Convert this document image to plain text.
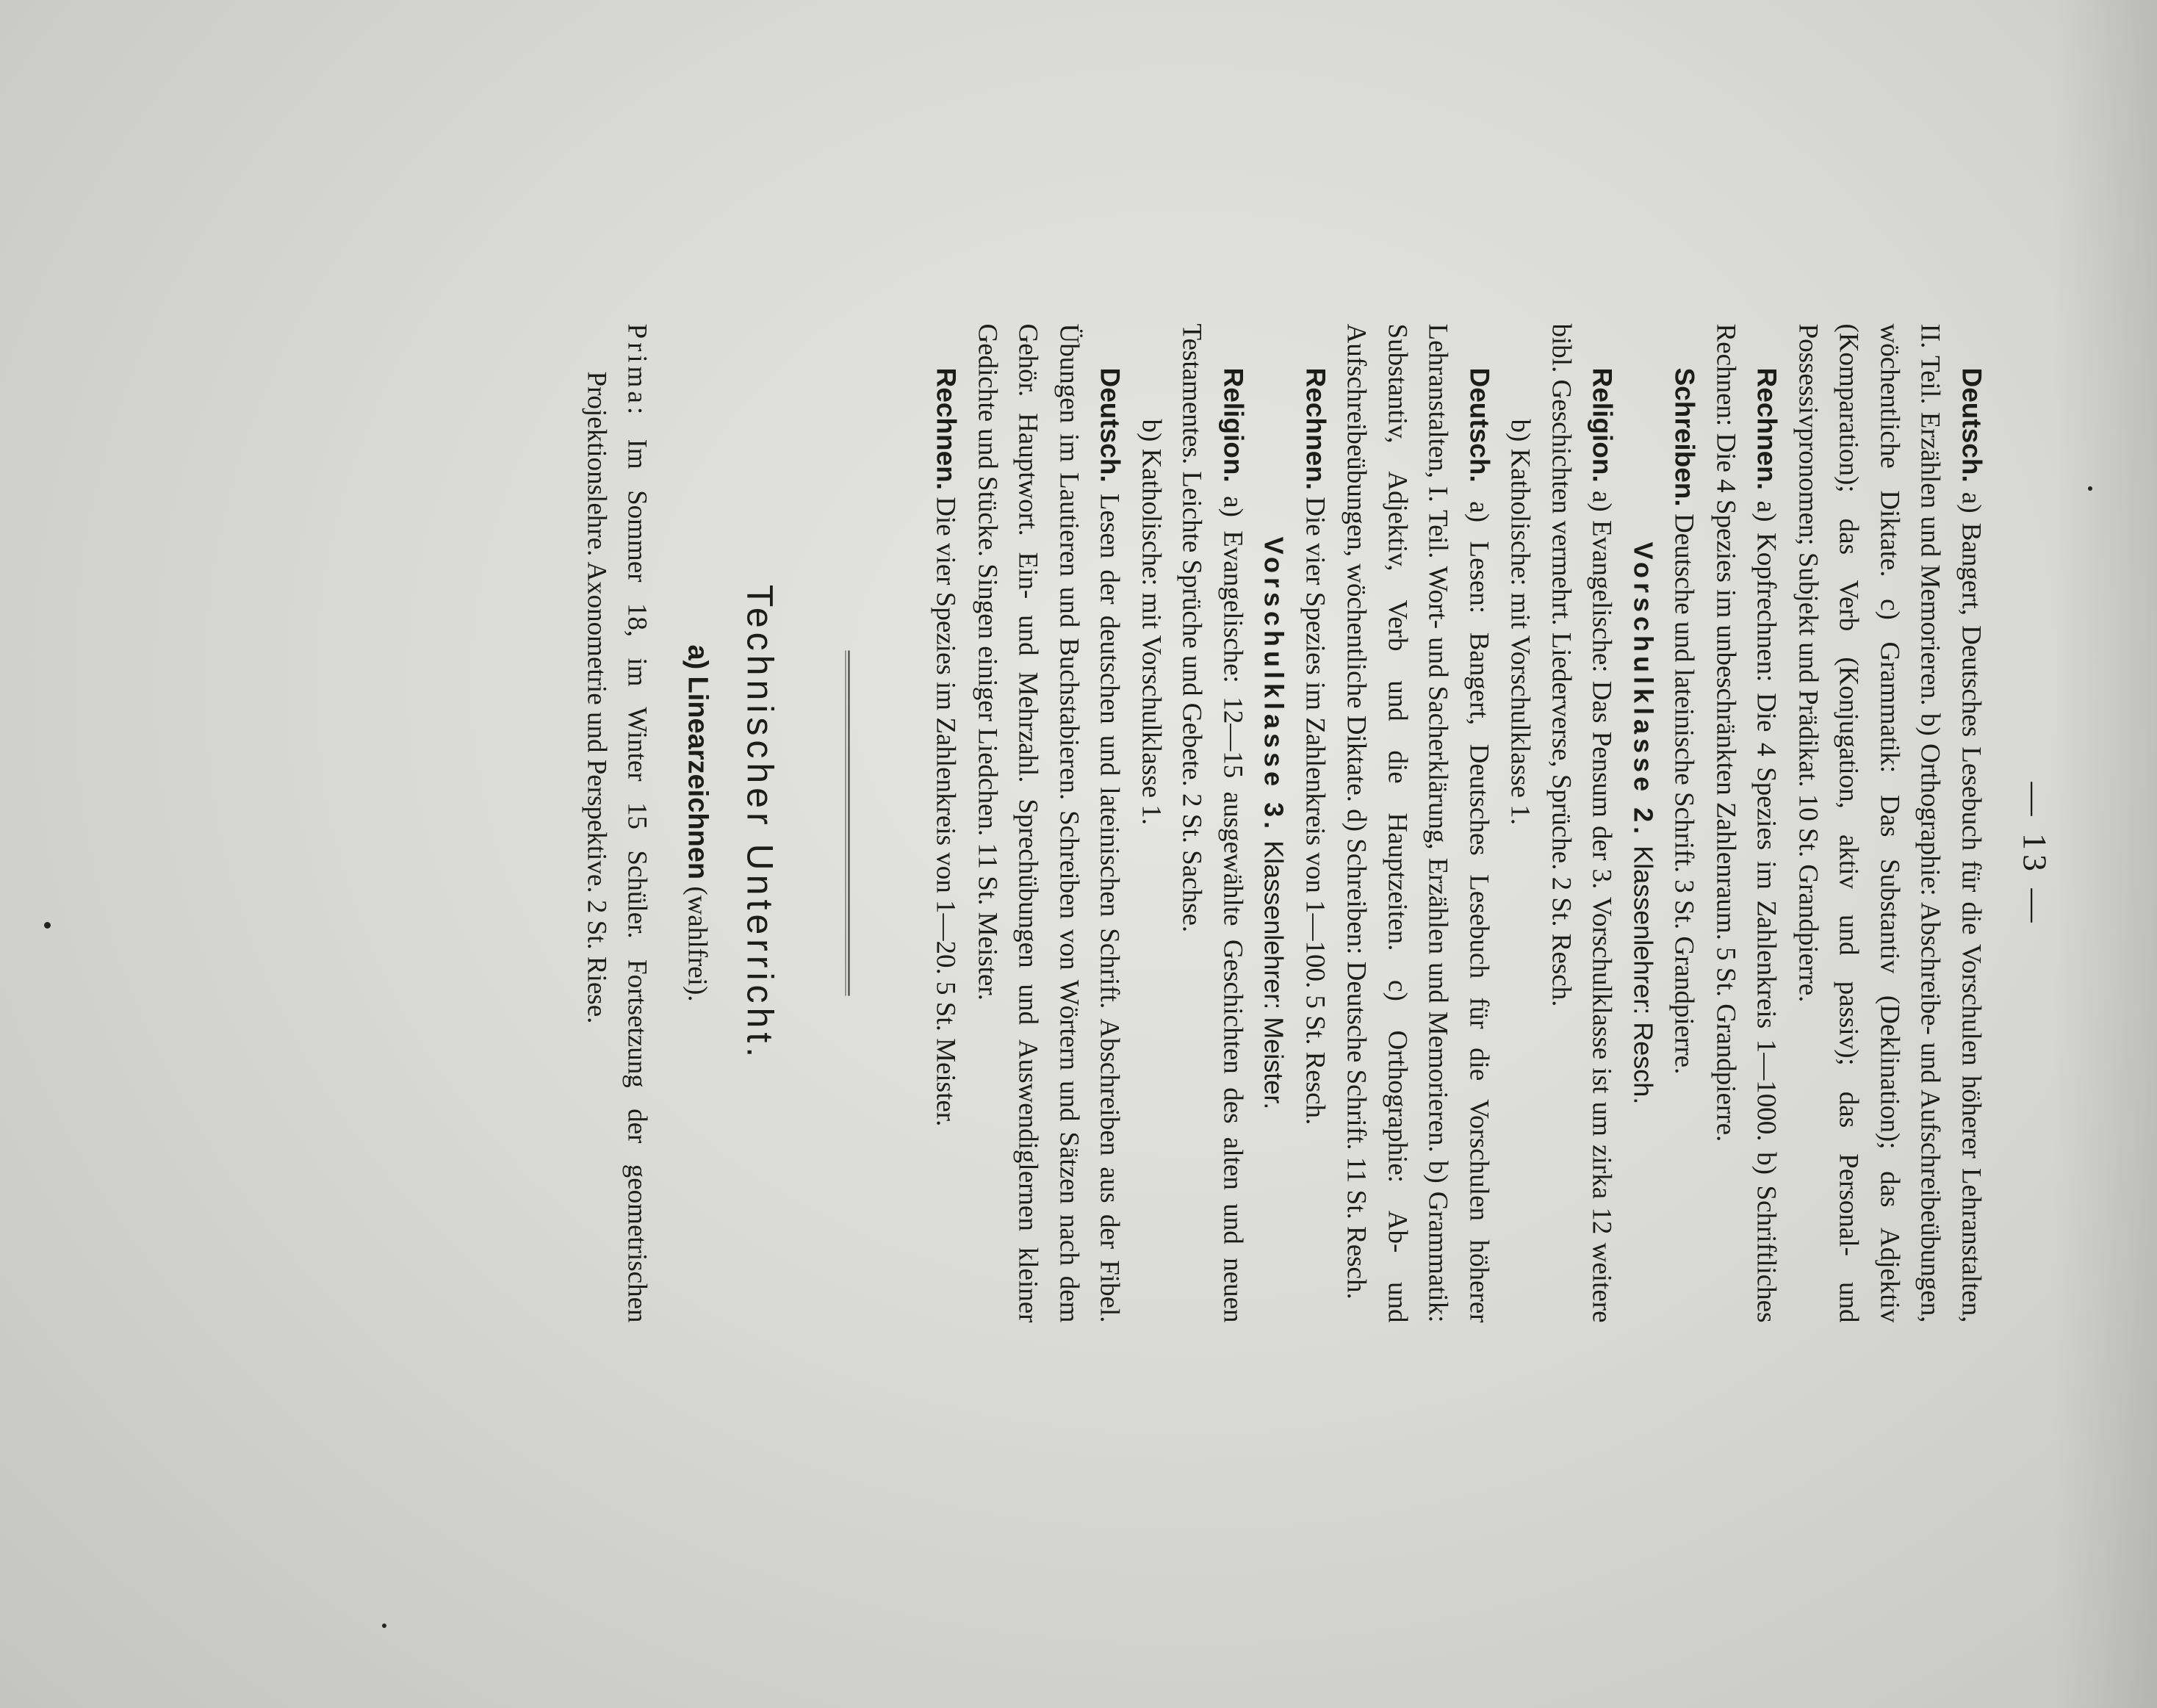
— 13 —

Deutsch. a) Bangert, Deutsches Lesebuch für die Vorschulen höherer Lehranstalten, II. Teil. Erzählen und Memorieren. b) Orthographie: Abschreibe- und Aufschreibeübungen, wöchentliche Diktate. c) Grammatik: Das Substantiv (Deklination); das Adjektiv (Komparation); das Verb (Konjugation, aktiv und passiv); das Personal- und Possessivpronomen; Subjekt und Prädikat. 10 St. Grandpierre.

Rechnen. a) Kopfrechnen: Die 4 Spezies im Zahlenkreis 1—1000. b) Schriftliches Rechnen: Die 4 Spezies im unbeschränkten Zahlenraum. 5 St. Grandpierre.

Schreiben. Deutsche und lateinische Schrift. 3 St. Grandpierre.

Vorschulklasse 2. Klassenlehrer: Resch.

Religion. a) Evangelische: Das Pensum der 3. Vorschulklasse ist um zirka 12 weitere bibl. Geschichten vermehrt. Liederverse, Sprüche. 2 St. Resch.

b) Katholische: mit Vorschulklasse 1.

Deutsch. a) Lesen: Bangert, Deutsches Lesebuch für die Vorschulen höherer Lehranstalten, I. Teil. Wort- und Sacherklärung, Erzählen und Memorieren. b) Grammatik: Substantiv, Adjektiv, Verb und die Hauptzeiten. c) Orthographie: Ab- und Aufschreibeübungen, wöchentliche Diktate. d) Schreiben: Deutsche Schrift. 11 St. Resch.

Rechnen. Die vier Spezies im Zahlenkreis von 1—100. 5 St. Resch.

Vorschulklasse 3. Klassenlehrer: Meister.

Religion. a) Evangelische: 12—15 ausgewählte Geschichten des alten und neuen Testamentes. Leichte Sprüche und Gebete. 2 St. Sachse.

b) Katholische: mit Vorschulklasse 1.

Deutsch. Lesen der deutschen und lateinischen Schrift. Abschreiben aus der Fibel. Übungen im Lautieren und Buchstabieren. Schreiben von Wörtern und Sätzen nach dem Gehör. Hauptwort. Ein- und Mehrzahl. Sprechübungen und Auswendiglernen kleiner Gedichte und Stücke. Singen einiger Liedchen. 11 St. Meister.

Rechnen. Die vier Spezies im Zahlenkreis von 1—20. 5 St. Meister.

Technischer Unterricht.
a) Linearzeichnen (wahlfrei).

Prima: Im Sommer 18, im Winter 15 Schüler. Fortsetzung der geometrischen Projektionslehre. Axonometrie und Perspektive. 2 St. Riese.
